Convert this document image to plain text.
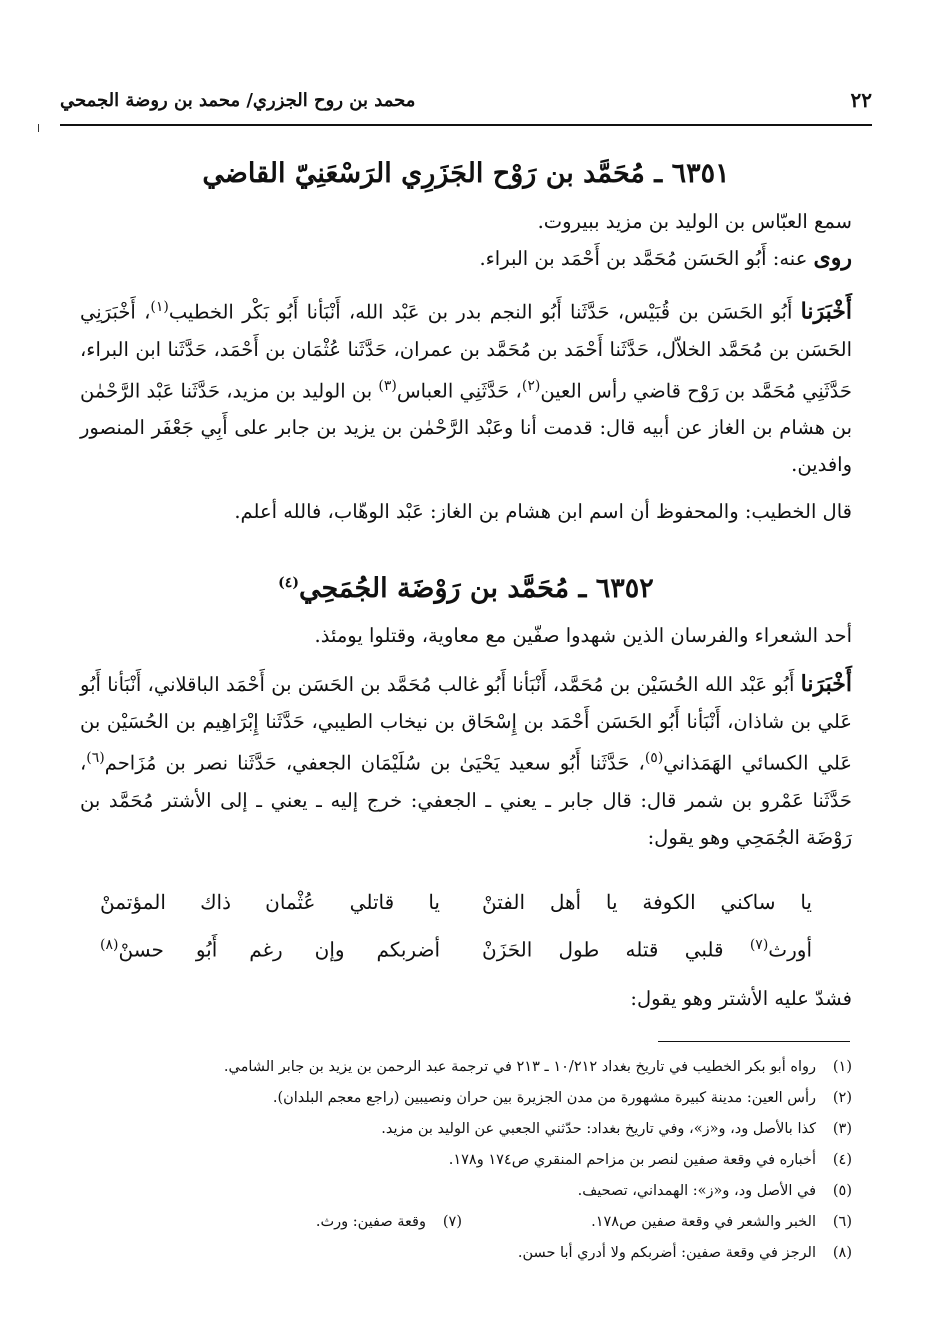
٢٢
محمد بن روح الجزري/ محمد بن روضة الجمحي
٦٣٥١ ـ مُحَمَّد بن رَوْح الجَزَرِي الرَسْعَنِيّ القاضي
سمع العبّاس بن الوليد بن مزيد ببيروت.
روى عنه: أَبُو الحَسَن مُحَمَّد بن أَحْمَد بن البراء.
أَخْبَرَنا أَبُو الحَسَن بن قُبَيْس، حَدَّثَنا أَبُو النجم بدر بن عَبْد الله، أَنْبَأنا أَبُو بَكْر الخطيب$^{(١)}$، أَخْبَرَنِي الحَسَن بن مُحَمَّد الخلاّل، حَدَّثَنا أَحْمَد بن مُحَمَّد بن عمران، حَدَّثَنا عُثْمَان بن أَحْمَد، حَدَّثَنا ابن البراء، حَدَّثَنِي مُحَمَّد بن رَوْح قاضي رأس العين$^{(٢)}$، حَدَّثَنِي العباس$^{(٣)}$ بن الوليد بن مزيد، حَدَّثَنا عَبْد الرَّحْمٰن بن هشام بن الغاز عن أبيه قال: قدمت أنا وعَبْد الرَّحْمٰن بن يزيد بن جابر على أَبِي جَعْفَر المنصور وافدين.
قال الخطيب: والمحفوظ أن اسم ابن هشام بن الغاز: عَبْد الوهّاب، فالله أعلم.
٦٣٥٢ ـ مُحَمَّد بن رَوْضَة الجُمَحِي$^{(٤)}$
أحد الشعراء والفرسان الذين شهدوا صفّين مع معاوية، وقتلوا يومئذ.
أَخْبَرَنا أَبُو عَبْد الله الحُسَيْن بن مُحَمَّد، أَنْبَأنا أَبُو غالب مُحَمَّد بن الحَسَن بن أَحْمَد الباقلاني، أَنْبَأنا أَبُو عَلي بن شاذان، أَنْبَأنا أَبُو الحَسَن أَحْمَد بن إِسْحَاق بن نيخاب الطيبي، حَدَّثَنا إِبْرَاهِيم بن الحُسَيْن بن عَلي الكسائي الهَمَذاني$^{(٥)}$، حَدَّثَنا أَبُو سعيد يَحْيَىٰ بن سُلَيْمَان الجعفي، حَدَّثَنا نصر بن مُزَاحم$^{(٦)}$، حَدَّثَنا عَمْرو بن شمر قال: قال جابر ـ يعني ـ الجعفي: خرج إليه ـ يعني ـ إلى الأشتر مُحَمَّد بن رَوْضَة الجُمَحِي وهو يقول:
يا ساكني الكوفة يا أهل الفتنْ
يا قاتلي عُثْمان ذاك المؤتمنْ
أورث$^{(٧)}$ قلبي قتله طول الحَزَنْ
أضربكم وإن رغم أَبُو حسنْ$^{(٨)}$
فشدّ عليه الأشتر وهو يقول:
(١)رواه أبو بكر الخطيب في تاريخ بغداد ١٠/٢١٢ ـ ٢١٣ في ترجمة عبد الرحمن بن يزيد بن جابر الشامي.
(٢)رأس العين: مدينة كبيرة مشهورة من مدن الجزيرة بين حران ونصيبين (راجع معجم البلدان).
(٣)كذا بالأصل ود، و«ز»، وفي تاريخ بغداد: حدّثني الجعبي عن الوليد بن مزيد.
(٤)أخباره في وقعة صفين لنصر بن مزاحم المنقري ص١٧٤ و١٧٨.
(٥)في الأصل ود، و«ز»: الهمداني، تصحيف.
(٦)الخبر والشعر في وقعة صفين ص١٧٨.
(٧)وقعة صفين: ورث.
(٨)الرجز في وقعة صفين: أضربكم ولا أدري أبا حسن.
